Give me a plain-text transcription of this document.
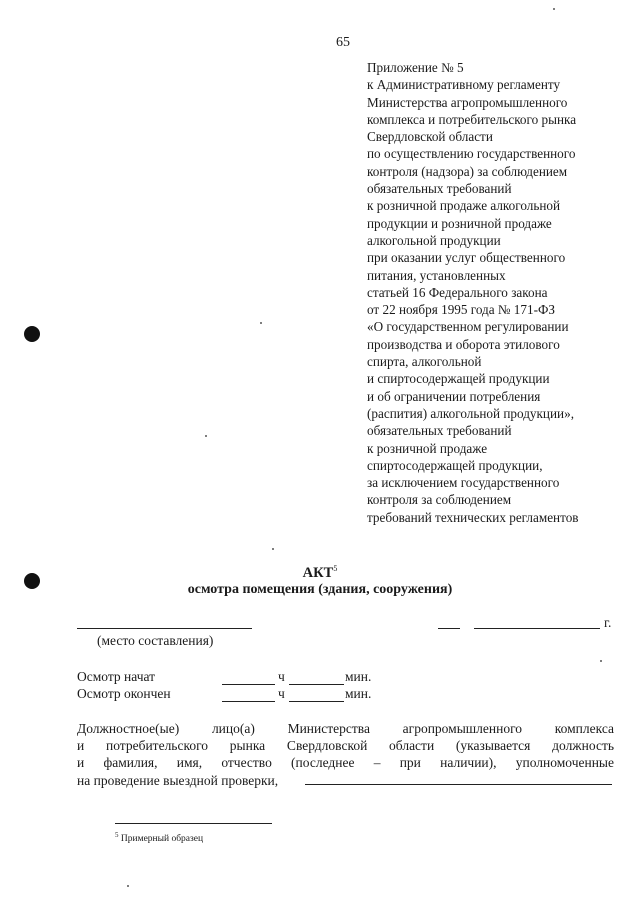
65
Приложение № 5
к Административному регламенту
Министерства агропромышленного
комплекса и потребительского рынка
Свердловской области
по осуществлению государственного
контроля (надзора) за соблюдением
обязательных требований
к розничной продаже алкогольной
продукции и розничной продаже
алкогольной продукции
при оказании услуг общественного
питания, установленных
статьей 16 Федерального закона
от 22 ноября 1995 года № 171-ФЗ
«О государственном регулировании
производства и оборота этилового
спирта, алкогольной
и спиртосодержащей продукции
и об ограничении потребления
(распития) алкогольной продукции»,
обязательных требований
к розничной продаже
спиртосодержащей продукции,
за исключением государственного
контроля за соблюдением
требований технических регламентов
АКТ$^5$
осмотра помещения (здания, сооружения)
(место составления)
г.
Осмотр начат	ч	мин.
Осмотр окончен	ч	мин.
Должностное(ые) лицо(а) Министерства агропромышленного комплекса
и потребительского рынка Свердловской области (указывается должность
и фамилия, имя, отчество (последнее – при наличии), уполномоченные
на проведение выездной проверки,
$^5$ Примерный образец
